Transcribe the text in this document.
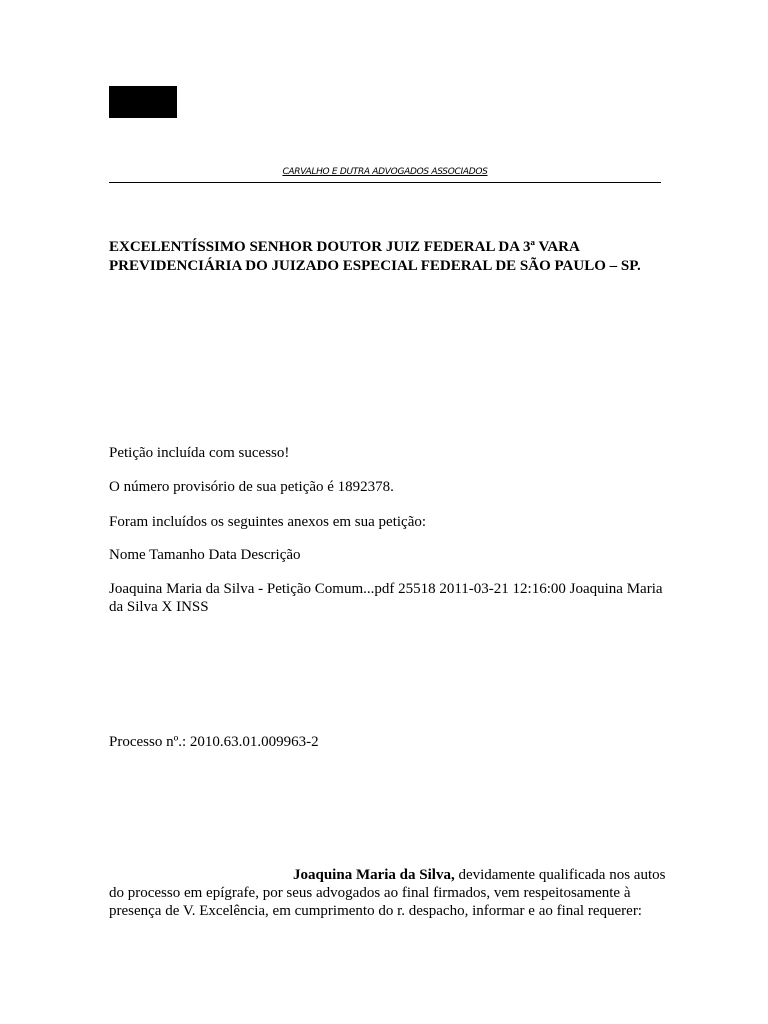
CARVALHO E DUTRA ADVOGADOS ASSOCIADOS
EXCELENTÍSSIMO SENHOR DOUTOR JUIZ FEDERAL DA 3ª VARA PREVIDENCIÁRIA DO JUIZADO ESPECIAL FEDERAL DE SÃO PAULO – SP.
Petição incluída com sucesso!
O número provisório de sua petição é 1892378.
Foram incluídos os seguintes anexos em sua petição:
Nome Tamanho Data Descrição
Joaquina Maria da Silva - Petição Comum...pdf 25518 2011-03-21 12:16:00 Joaquina Maria da Silva X INSS
Processo nº.: 2010.63.01.009963-2
Joaquina Maria da Silva, devidamente qualificada nos autos do processo em epígrafe, por seus advogados ao final firmados, vem respeitosamente à presença de V. Excelência, em cumprimento do r. despacho, informar e ao final requerer:
